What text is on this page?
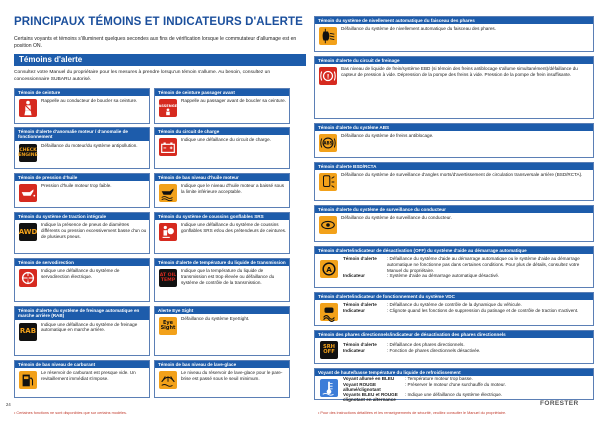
PRINCIPAUX TÉMOINS ET INDICATEURS D'ALERTE
Certains voyants et témoins s'illuminent quelques secondes aux fins de vérification lorsque le commutateur d'allumage est en position ON.
Témoins d'alerte
Consultez votre Manuel du propriétaire pour les mesures à prendre lorsqu'un témoin s'allume. Au besoin, consultez un concessionnaire SUBARU autorisé.
Témoin de ceinture
Rappelle au conducteur de boucler sa ceinture.
Témoin de ceinture passager avant
PASSENGER
Rappelle au passager avant de boucler sa ceinture.
Témoin d'alerte d'anomalie moteur / d'anomalie de fonctionnement
CHECK ENGINE
Défaillance du moteur/du système antipollution.
Témoin du circuit de charge
Indique une défaillance du circuit de charge.
Témoin de pression d'huile
Pression d'huile moteur trop faible.
Témoin de bas niveau d'huile moteur
Indique que le niveau d'huile moteur a baissé sous la limite inférieure acceptable.
Témoin du système de traction intégrale
AWD
Indique la présence de pneus de diamètres différents ou pression excessivement basse d'un ou de plusieurs pneus.
Témoin du système de coussins gonflables SRS
Indique une défaillance du système de coussins gonflables SRS et/ou des prétendeurs de ceintures.
Témoin de servodirection
!
Indique une défaillance du système de servodirection électrique.
Témoin d'alerte de température du liquide de transmission
AT OIL TEMP
Indique que la température du liquide de transmission est trop élevée ou défaillance du système de contrôle de la transmission.
Témoin d'alerte du système de freinage automatique en marche arrière (RAB)
RAB
Indique une défaillance du système de freinage automatique en marche arrière.
Alerte Eye Sight
Eye Sight
Défaillance du système EyeSight.
Témoin de bas niveau de carburant
Le réservoir de carburant est presque vide. Un revitaillement immédiat s'impose.
Témoin de bas niveau de lave-glace
Le niveau du réservoir de lave-glace pour le pare-brise est passé sous le seuil minimum.
Témoin du système de nivellement automatique du faisceau des phares
Défaillance du système de nivellement automatique du faisceau des phares.
Témoin d'alerte du circuit de freinage
!
Bas niveau de liquide de frein/système EBD (si témoin des freins antiblocage s'allume simultanément)/défaillance du capteur de pression à vide. Dépression de la pompe des freins à vide. Pression de la pompe de frein insuffisante.
Témoin d'alerte du système ABS
ABS
Défaillance du système de freins antiblocage.
Témoin d'alerte BSD/RCTA
Défaillance du système de surveillance d'angles morts/d'avertissement de circulation transversale arrière (BSD/RCTA).
Témoin d'alerte du système de surveillance du conducteur
Défaillance du système de surveillance du conducteur.
Témoin d'alerte/indicateur de désactivation (OFF) du système d'aide au démarrage automatique
A
Témoin d'alerte	: Défaillance du système d'aide au démarrage automatique ou le système d'aide au démarrage automatique ne fonctionne pas dans certaines conditions. Pour plus de détails, consultez votre Manuel du propriétaire.
Indicateur	: Système d'aide au démarrage automatique désactivé.
Témoin d'alerte/indicateur de fonctionnement du système VDC
Témoin d'alerte	: Défaillance du système de contrôle de la dynamique du véhicule.
Indicateur	: Clignote quand les fonctions de suppression du patinage et de contrôle de traction s'activent.
Témoin des phares directionnels/indicateur de désactivation des phares directionnels
SRH OFF
Témoin d'alerte	: Défaillance des phares directionnels.
Indicateur	: Fonction de phares directionnels désactivée.
Voyant de haute/basse température du liquide de refroidissement
Voyant allumé en BLEU	: Température moteur trop basse.
Voyant ROUGE allumé/clignotant
: Préserver le moteur d'une surchauffe du moteur.
Voyants BLEU et ROUGE clignotant en alternance
: Indique une défaillance du système électrique.
24	FORESTER
• Certaines fonctions ne sont disponibles que sur certains modèles.	• Pour des instructions détaillées et les renseignements de sécurité, veuillez consulter le Manuel du propriétaire.
